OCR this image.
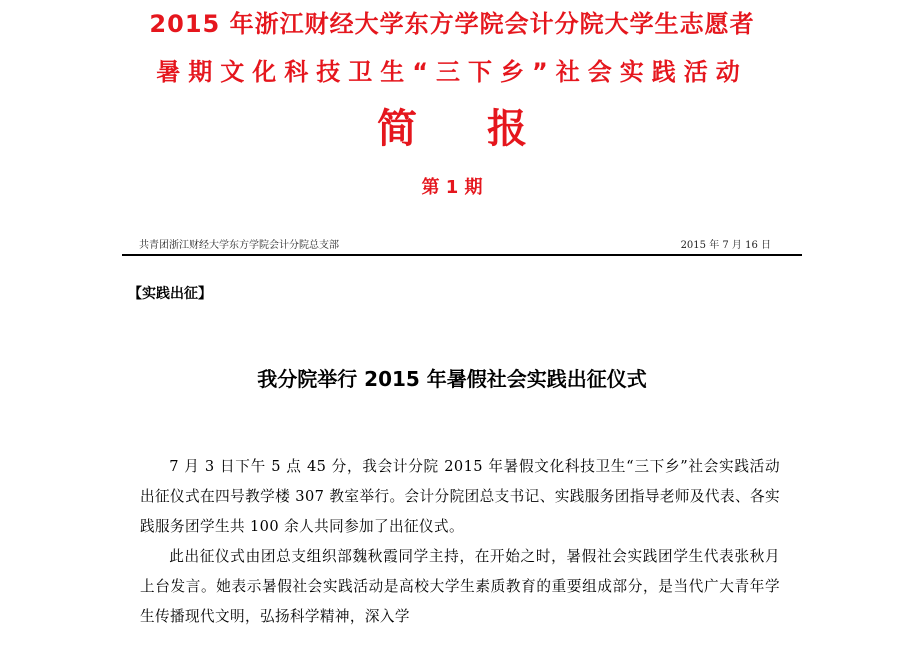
2015 年浙江财经大学东方学院会计分院大学生志愿者
暑期文化科技卫生“三下乡”社会实践活动
简报
第 1 期
共青团浙江财经大学东方学院会计分院总支部	2015 年 7 月 16 日
【实践出征】
我分院举行 2015 年暑假社会实践出征仪式

7 月 3 日下午 5 点 45 分，我会计分院 2015 年暑假文化科技卫生“三下乡”社会实践活动出征仪式在四号教学楼 307 教室举行。会计分院团总支书记、实践服务团指导老师及代表、各实践服务团学生共 100 余人共同参加了出征仪式。

此出征仪式由团总支组织部魏秋霞同学主持，在开始之时，暑假社会实践团学生代表张秋月上台发言。她表示暑假社会实践活动是高校大学生素质教育的重要组成部分，是当代广大青年学生传播现代文明，弘扬科学精神，深入学
